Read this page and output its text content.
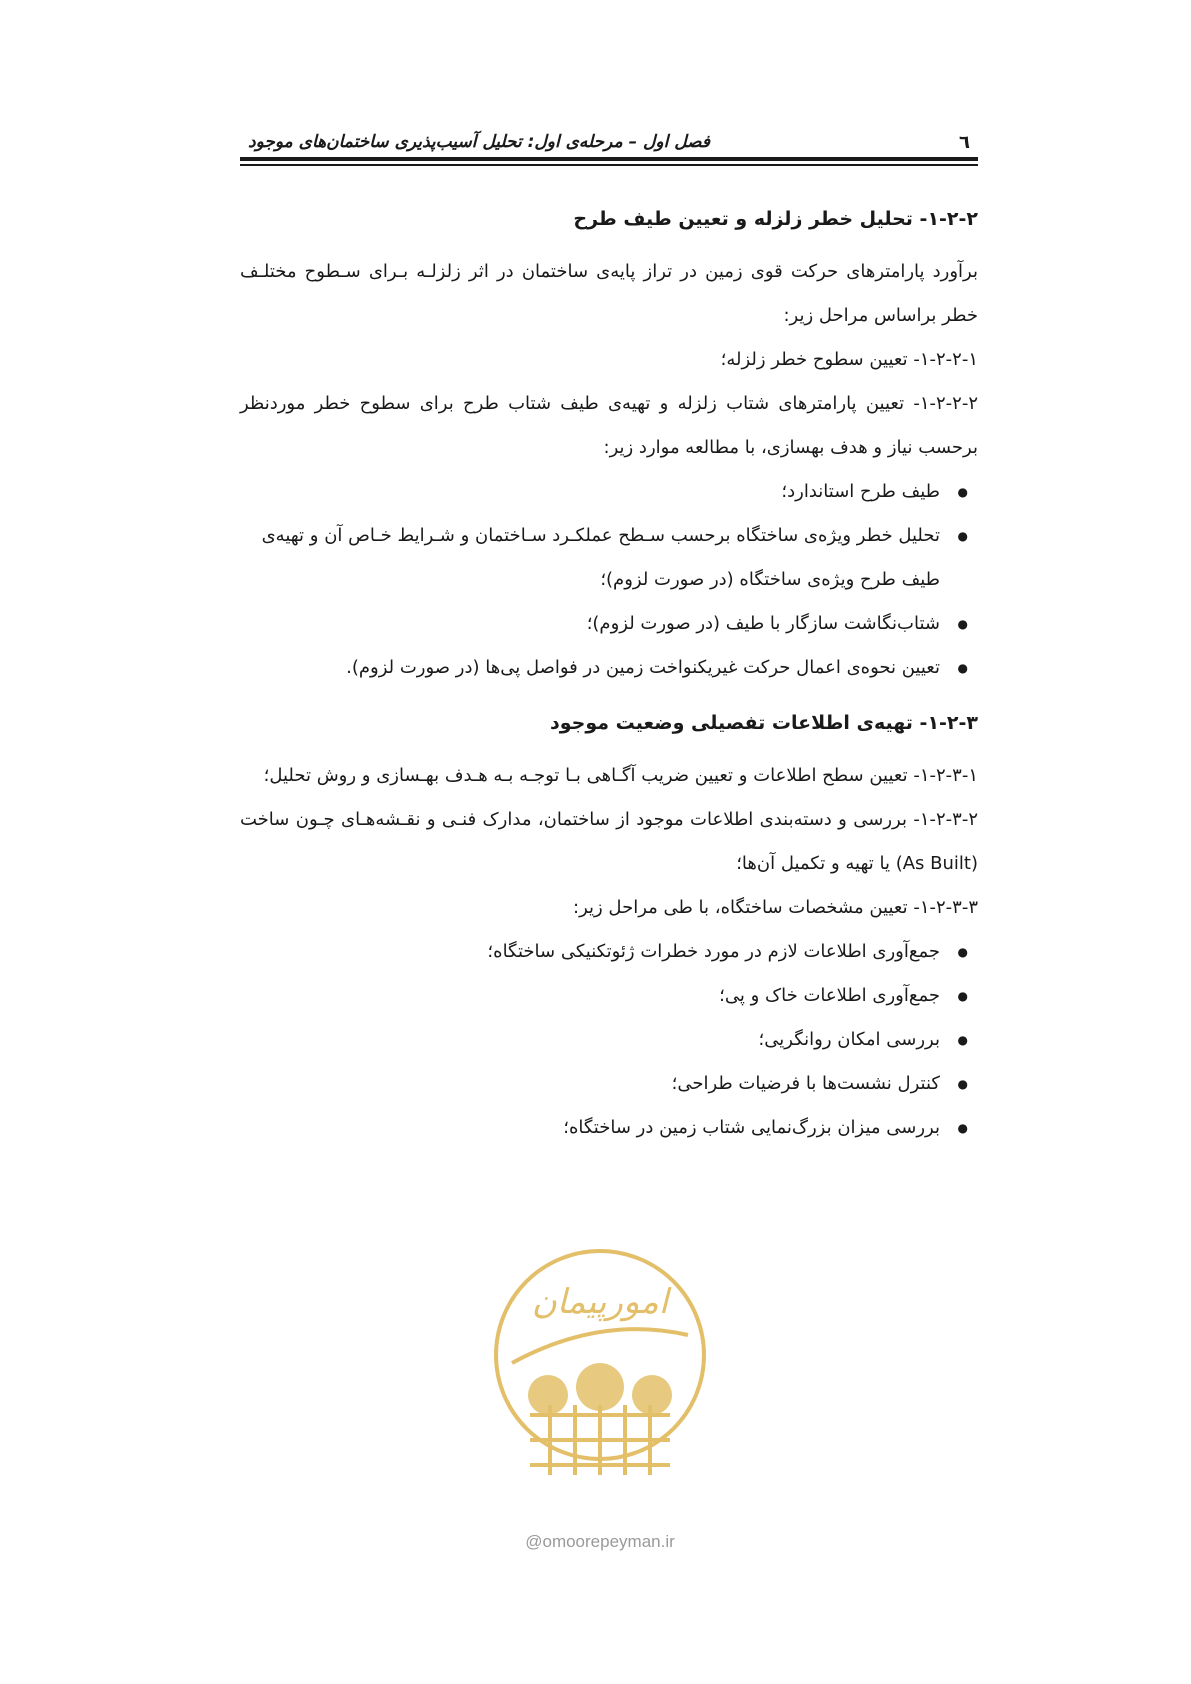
٦
فصل اول – مرحله‌ی اول: تحلیل آسیب‌پذیری ساختمان‌های موجود
۱-۲-۲- تحلیل خطر زلزله و تعیین طیف طرح

برآورد پارامترهای حرکت قوی زمین در تراز پایه‌ی ساختمان در اثر زلزلـه بـرای سـطوح مختلـف خطر براساس مراحل زیر:

۱-۲-۲-۱- تعیین سطوح خطر زلزله؛

۱-۲-۲-۲- تعیین پارامترهای شتاب زلزله و تهیه‌ی طیف شتاب طرح برای سطوح خطر موردنظر برحسب نیاز و هدف بهسازی، با مطالعه موارد زیر:

● طیف طرح استاندارد؛
● تحلیل خطر ویژه‌ی ساختگاه برحسب سـطح عملکـرد سـاختمان و شـرایط خـاص آن و تهیه‌ی طیف طرح ویژه‌ی ساختگاه (در صورت لزوم)؛
● شتاب‌نگاشت سازگار با طیف (در صورت لزوم)؛
● تعیین نحوه‌ی اعمال حرکت غیریکنواخت زمین در فواصل پی‌ها (در صورت لزوم).
۱-۲-۳- تهیه‌ی اطلاعات تفصیلی وضعیت موجود

۱-۲-۳-۱- تعیین سطح اطلاعات و تعیین ضریب آگـاهی بـا توجـه بـه هـدف بهـسازی و روش تحلیل؛

۱-۲-۳-۲- بررسی و دسته‌بندی اطلاعات موجود از ساختمان، مدارک فنـی و نقـشه‌هـای چـون ساخت (As Built) یا تهیه و تکمیل آن‌ها؛

۱-۲-۳-۳- تعیین مشخصات ساختگاه، با طی مراحل زیر:

● جمع‌آوری اطلاعات لازم در مورد خطرات ژئوتکنیکی ساختگاه؛
● جمع‌آوری اطلاعات خاک و پی؛
● بررسی امکان روانگریی؛
● کنترل نشست‌ها با فرضیات طراحی؛
● بررسی میزان بزرگ‌نمایی شتاب زمین در ساختگاه؛
امورپیمان
@omoorepeyman.ir
